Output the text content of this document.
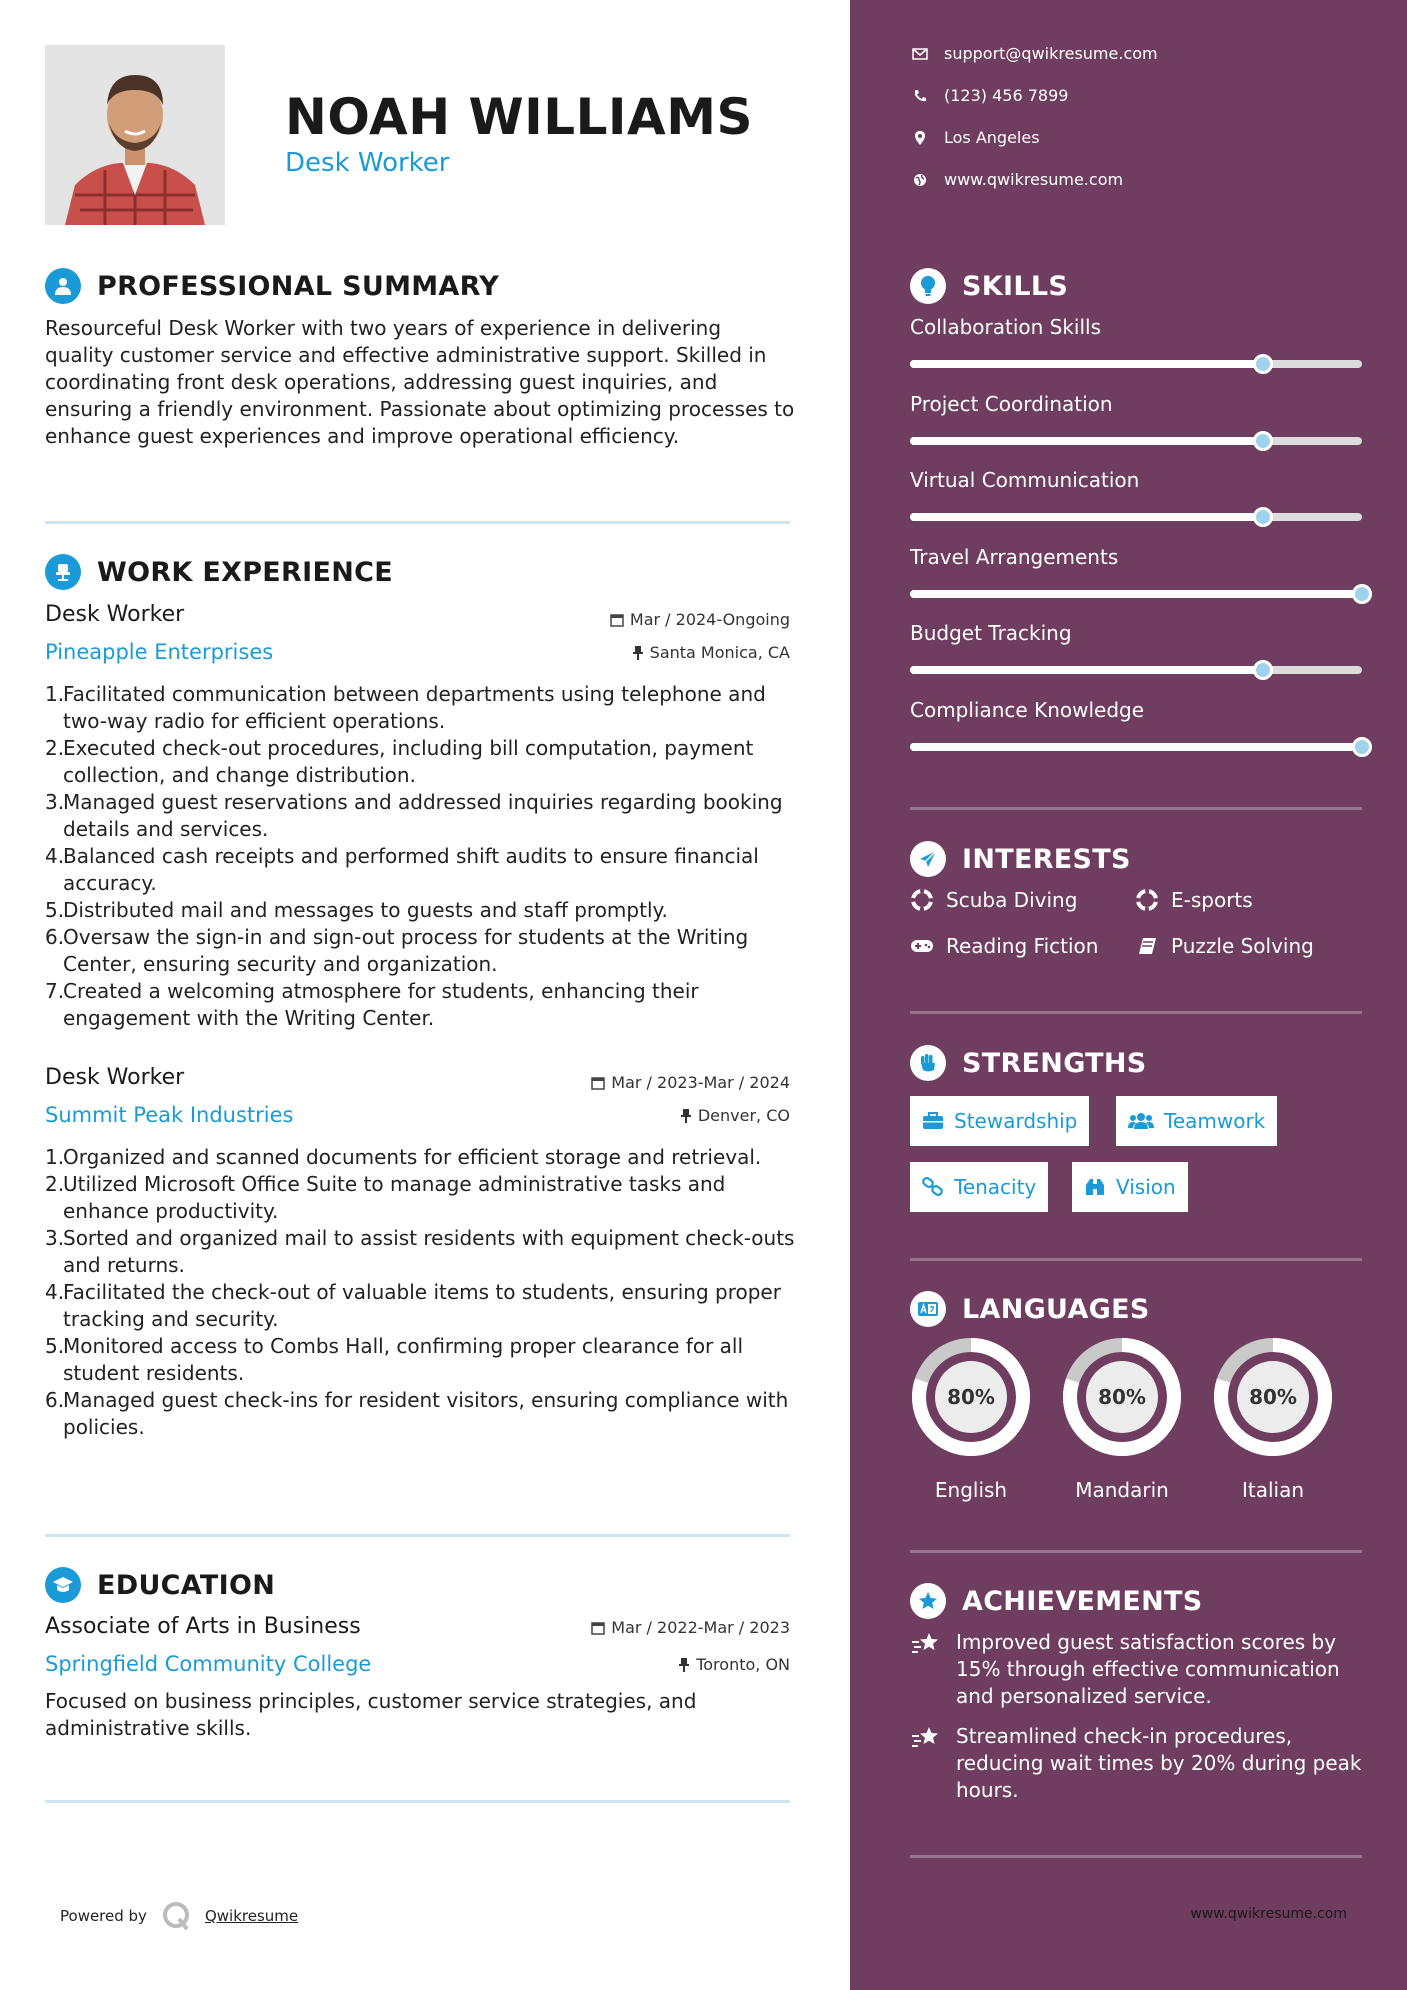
NOAH WILLIAMS
Desk Worker
PROFESSIONAL SUMMARY
Resourceful Desk Worker with two years of experience in delivering quality customer service and effective administrative support. Skilled in coordinating front desk operations, addressing guest inquiries, and ensuring a friendly environment. Passionate about optimizing processes to enhance guest experiences and improve operational efficiency.
WORK EXPERIENCE
Desk Worker	Mar / 2024-Ongoing
Pineapple Enterprises	Santa Monica, CA
1.
Facilitated communication between departments using telephone and two-way radio for efficient operations.
2.
Executed check-out procedures, including bill computation, payment collection, and change distribution.
3.
Managed guest reservations and addressed inquiries regarding booking details and services.
4.
Balanced cash receipts and performed shift audits to ensure financial accuracy.
5.
Distributed mail and messages to guests and staff promptly.
6.
Oversaw the sign-in and sign-out process for students at the Writing Center, ensuring security and organization.
7.
Created a welcoming atmosphere for students, enhancing their engagement with the Writing Center.
Desk Worker	Mar / 2023-Mar / 2024
Summit Peak Industries	Denver, CO
1.
Organized and scanned documents for efficient storage and retrieval.
2.
Utilized Microsoft Office Suite to manage administrative tasks and enhance productivity.
3.
Sorted and organized mail to assist residents with equipment check-outs and returns.
4.
Facilitated the check-out of valuable items to students, ensuring proper tracking and security.
5.
Monitored access to Combs Hall, confirming proper clearance for all student residents.
6.
Managed guest check-ins for resident visitors, ensuring compliance with policies.
EDUCATION
Associate of Arts in Business	Mar / 2022-Mar / 2023
Springfield Community College	Toronto, ON
Focused on business principles, customer service strategies, and administrative skills.
Powered by	Qwikresume
support@qwikresume.com
(123) 456 7899
Los Angeles
www.qwikresume.com
SKILLS
Collaboration Skills
Project Coordination
Virtual Communication
Travel Arrangements
Budget Tracking
Compliance Knowledge
INTERESTS
Scuba Diving	E-sports
Reading Fiction	Puzzle Solving
STRENGTHS
Stewardship	Teamwork
Tenacity	Vision
LANGUAGES
80%
English
80%
Mandarin
80%
Italian
ACHIEVEMENTS
Improved guest satisfaction scores by 15% through effective communication and personalized service.
Streamlined check-in procedures, reducing wait times by 20% during peak hours.
www.qwikresume.com
